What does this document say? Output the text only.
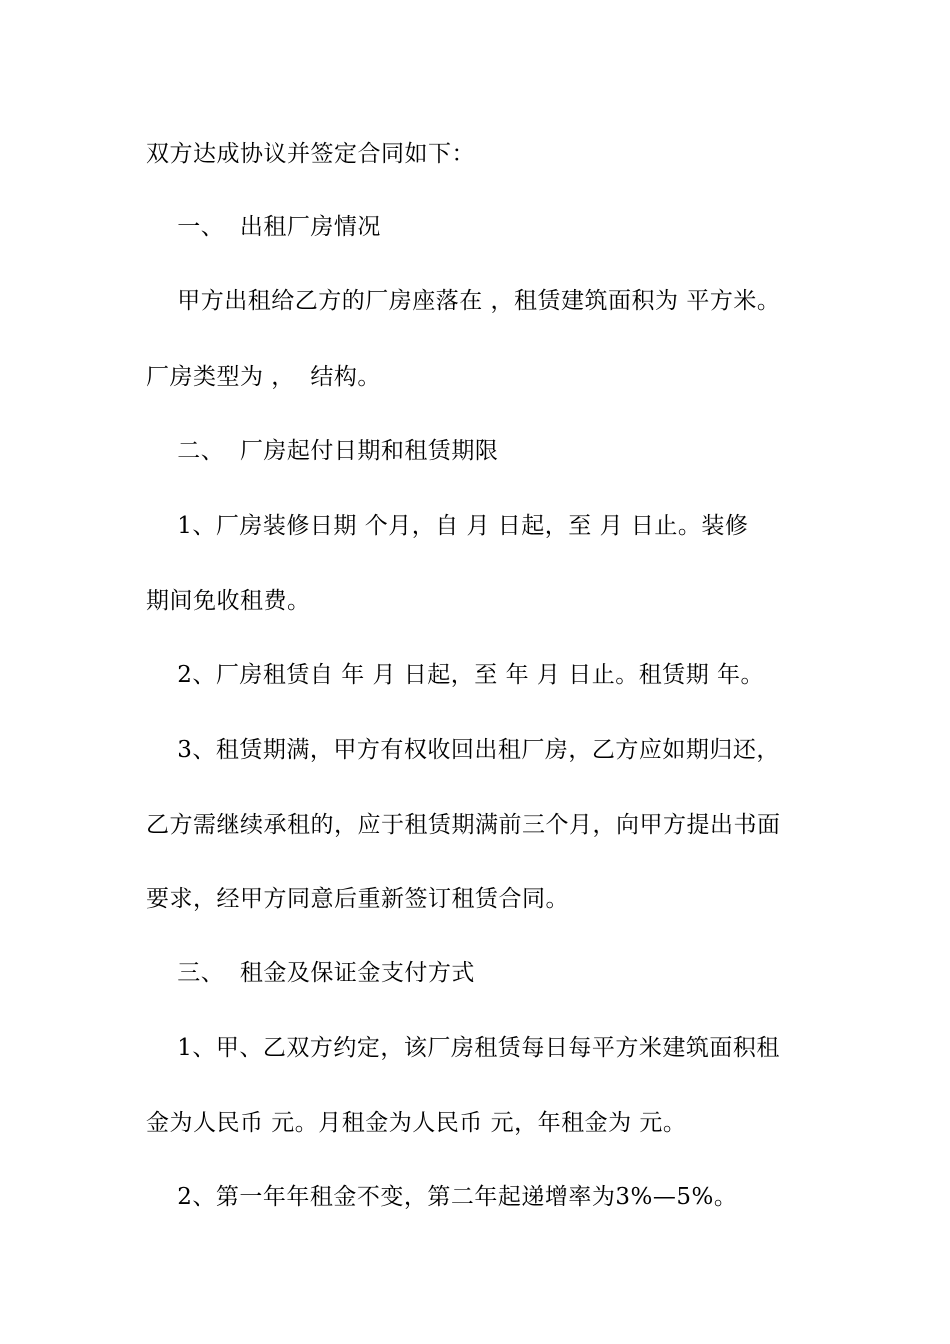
双方达成协议并签定合同如下：
一、  出租厂房情况
甲方出租给乙方的厂房座落在 ，租赁建筑面积为 平方米。
厂房类型为 ，  结构。
二、  厂房起付日期和租赁期限
1、厂房装修日期 个月，自 月 日起，至 月 日止。装修
期间免收租费。
2、厂房租赁自 年 月 日起，至 年 月 日止。租赁期 年。
3、租赁期满，甲方有权收回出租厂房，乙方应如期归还，
乙方需继续承租的，应于租赁期满前三个月，向甲方提出书面
要求，经甲方同意后重新签订租赁合同。
三、  租金及保证金支付方式
1、甲、乙双方约定，该厂房租赁每日每平方米建筑面积租
金为人民币 元。月租金为人民币 元，年租金为 元。
2、第一年年租金不变，第二年起递增率为3%—5%。
